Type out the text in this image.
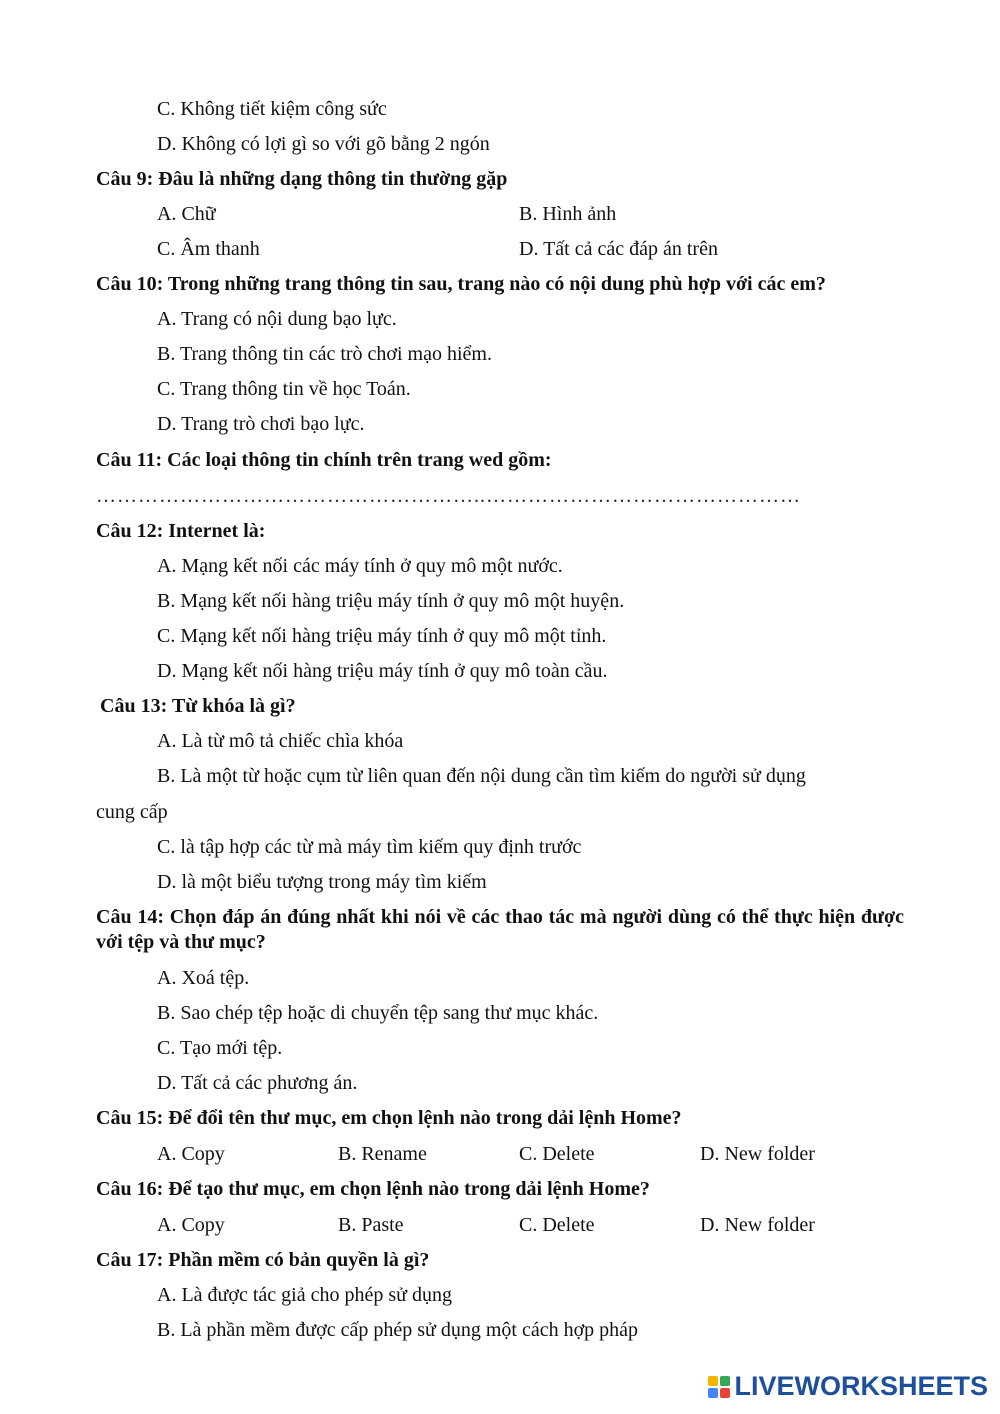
C. Không tiết kiệm công sức
D. Không có lợi gì so với gõ bằng 2 ngón
Câu 9: Đâu là những dạng thông tin thường gặp
A. Chữ	B. Hình ảnh
C. Âm thanh	D. Tất cả các đáp án trên
Câu 10: Trong những trang thông tin sau, trang nào có nội dung phù hợp với các em?
A. Trang có nội dung bạo lực.
B. Trang thông tin các trò chơi mạo hiểm.
C. Trang thông tin về học Toán.
D. Trang trò chơi bạo lực.
Câu 11: Các loại thông tin chính trên trang wed gồm:
………………………………………………..………………………………………
Câu 12: Internet là:
A. Mạng kết nối các máy tính ở quy mô một nước.
B. Mạng kết nối hàng triệu máy tính ở quy mô một huyện.
C. Mạng kết nối hàng triệu máy tính ở quy mô một tỉnh.
D. Mạng kết nối hàng triệu máy tính ở quy mô toàn cầu.
Câu 13: Từ khóa là gì?
A. Là từ mô tả chiếc chìa khóa
B. Là một từ hoặc cụm từ liên quan đến nội dung cần tìm kiếm do người sử dụng
cung cấp
C. là tập hợp các từ mà máy tìm kiếm quy định trước
D. là một biểu tượng trong máy tìm kiếm
Câu 14: Chọn đáp án đúng nhất khi nói về các thao tác mà người dùng có thể thực hiện được với tệp và thư mục?
A. Xoá tệp.
B. Sao chép tệp hoặc di chuyển tệp sang thư mục khác.
C. Tạo mới tệp.
D. Tất cả các phương án.
Câu 15: Để đổi tên thư mục, em chọn lệnh nào trong dải lệnh Home?
A. Copy	B. Rename	C. Delete	D. New folder
Câu 16: Để tạo thư mục, em chọn lệnh nào trong dải lệnh Home?
A. Copy	B. Paste	C. Delete	D. New folder
Câu 17: Phần mềm có bản quyền là gì?
A. Là được tác giả cho phép sử dụng
B. Là phần mềm được cấp phép sử dụng một cách hợp pháp
LIVEWORKSHEETS
